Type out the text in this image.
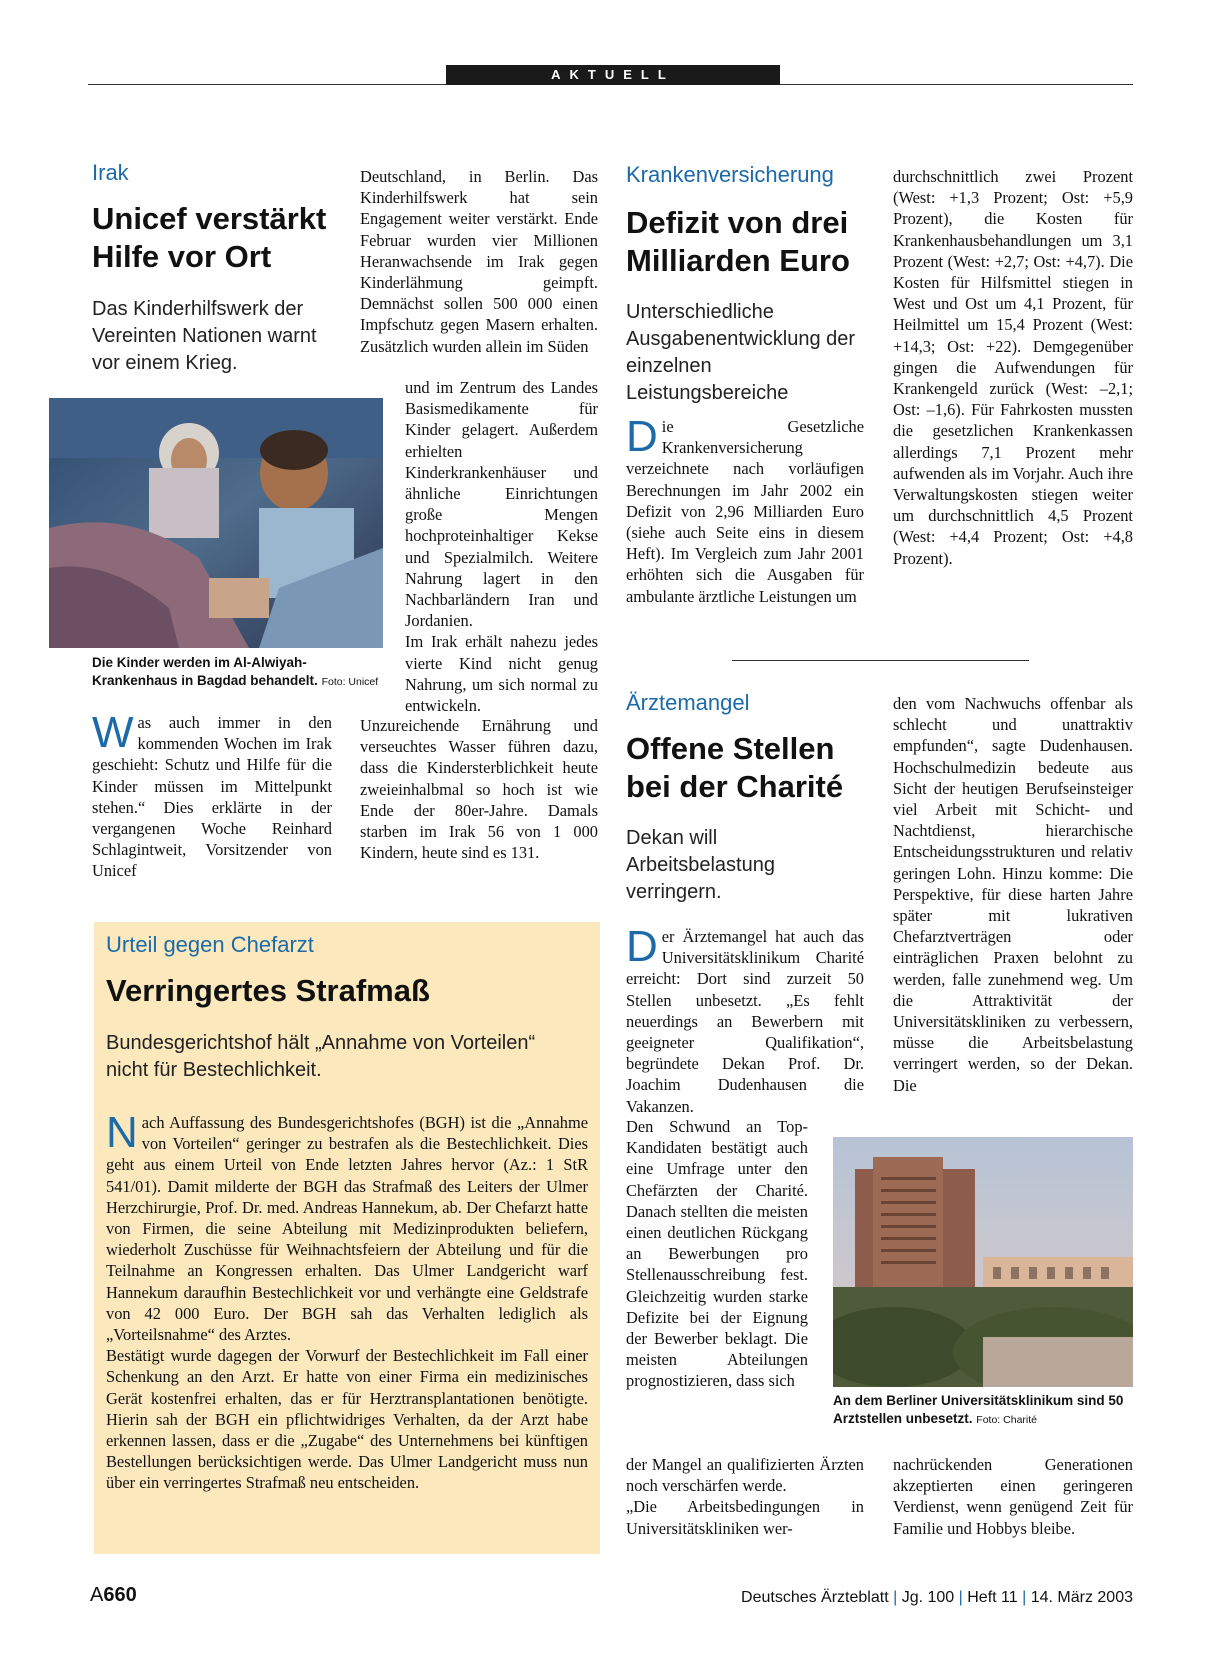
AKTUELL
Irak
Unicef verstärkt
Hilfe vor Ort
Das Kinderhilfswerk der Vereinten Nationen warnt vor einem Krieg.
Die Kinder werden im Al-Alwiyah-Krankenhaus in Bagdad behandelt. Foto: Unicef
Was auch immer in den kommenden Wochen im Irak geschieht: Schutz und Hilfe für die Kinder müssen im Mittelpunkt stehen.“ Dies erklärte in der vergangenen Woche Reinhard Schlagintweit, Vorsitzender von Unicef
Deutschland, in Berlin. Das Kinderhilfswerk hat sein Engagement weiter verstärkt. Ende Februar wurden vier Millionen Heranwachsende im Irak gegen Kinderlähmung geimpft. Demnächst sollen 500 000 einen Impfschutz gegen Masern erhalten. Zusätzlich wurden allein im Süden
und im Zentrum des Landes Basismedikamente für Kinder gelagert. Außerdem erhielten Kinderkrankenhäuser und ähnliche Einrichtungen große Mengen hochproteinhaltiger Kekse und Spezialmilch. Weitere Nahrung lagert in den Nachbarländern Iran und Jordanien.
Im Irak erhält nahezu jedes vierte Kind nicht genug Nahrung, um sich normal zu entwickeln.
Unzureichende Ernährung und verseuchtes Wasser führen dazu, dass die Kindersterblichkeit heute zweieinhalbmal so hoch ist wie Ende der 80er-Jahre. Damals starben im Irak 56 von 1 000 Kindern, heute sind es 131.
Krankenversicherung
Defizit von drei
Milliarden Euro
Unterschiedliche Ausgabenentwicklung der einzelnen Leistungsbereiche
Die Gesetzliche Krankenversicherung verzeichnete nach vorläufigen Berechnungen im Jahr 2002 ein Defizit von 2,96 Milliarden Euro (siehe auch Seite eins in diesem Heft). Im Vergleich zum Jahr 2001 erhöhten sich die Ausgaben für ambulante ärztliche Leistungen um
durchschnittlich zwei Prozent (West: +1,3 Prozent; Ost: +5,9 Prozent), die Kosten für Krankenhausbehandlungen um 3,1 Prozent (West: +2,7; Ost: +4,7). Die Kosten für Hilfsmittel stiegen in West und Ost um 4,1 Prozent, für Heilmittel um 15,4 Prozent (West: +14,3; Ost: +22). Demgegenüber gingen die Aufwendungen für Krankengeld zurück (West: –2,1; Ost: –1,6). Für Fahrkosten mussten die gesetzlichen Krankenkassen allerdings 7,1 Prozent mehr aufwenden als im Vorjahr. Auch ihre Verwaltungskosten stiegen weiter um durchschnittlich 4,5 Prozent (West: +4,4 Prozent; Ost: +4,8 Prozent).
Ärztemangel
Offene Stellen
bei der Charité
Dekan will Arbeitsbelastung verringern.
Der Ärztemangel hat auch das Universitätsklinikum Charité erreicht: Dort sind zurzeit 50 Stellen unbesetzt. „Es fehlt neuerdings an Bewerbern mit geeigneter Qualifikation“, begründete Dekan Prof. Dr. Joachim Dudenhausen die Vakanzen.
Den Schwund an Top-Kandidaten bestätigt auch eine Umfrage unter den Chefärzten der Charité. Danach stellten die meisten einen deutlichen Rückgang an Bewerbungen pro Stellenausschreibung fest. Gleichzeitig wurden starke Defizite bei der Eignung der Bewerber beklagt. Die meisten Abteilungen prognostizieren, dass sich
der Mangel an qualifizierten Ärzten noch verschärfen werde.
„Die Arbeitsbedingungen in Universitätskliniken wer-
den vom Nachwuchs offenbar als schlecht und unattraktiv empfunden“, sagte Dudenhausen. Hochschulmedizin bedeute aus Sicht der heutigen Berufseinsteiger viel Arbeit mit Schicht- und Nachtdienst, hierarchische Entscheidungsstrukturen und relativ geringen Lohn. Hinzu komme: Die Perspektive, für diese harten Jahre später mit lukrativen Chefarztverträgen oder einträglichen Praxen belohnt zu werden, falle zunehmend weg. Um die Attraktivität der Universitätskliniken zu verbessern, müsse die Arbeitsbelastung verringert werden, so der Dekan. Die
nachrückenden Generationen akzeptierten einen geringeren Verdienst, wenn genügend Zeit für Familie und Hobbys bleibe.
An dem Berliner Universitätsklinikum sind 50 Arztstellen unbesetzt. Foto: Charité
Urteil gegen Chefarzt
Verringertes Strafmaß
Bundesgerichtshof hält „Annahme von Vorteilen“
nicht für Bestechlichkeit.
Nach Auffassung des Bundesgerichtshofes (BGH) ist die „Annahme von Vorteilen“ geringer zu bestrafen als die Bestechlichkeit. Dies geht aus einem Urteil von Ende letzten Jahres hervor (Az.: 1 StR 541/01). Damit milderte der BGH das Strafmaß des Leiters der Ulmer Herzchirurgie, Prof. Dr. med. Andreas Hannekum, ab. Der Chefarzt hatte von Firmen, die seine Abteilung mit Medizinprodukten beliefern, wiederholt Zuschüsse für Weihnachtsfeiern der Abteilung und für die Teilnahme an Kongressen erhalten. Das Ulmer Landgericht warf Hannekum daraufhin Bestechlichkeit vor und verhängte eine Geldstrafe von 42 000 Euro. Der BGH sah das Verhalten lediglich als „Vorteilsnahme“ des Arztes.
Bestätigt wurde dagegen der Vorwurf der Bestechlichkeit im Fall einer Schenkung an den Arzt. Er hatte von einer Firma ein medizinisches Gerät kostenfrei erhalten, das er für Herztransplantationen benötigte. Hierin sah der BGH ein pflichtwidriges Verhalten, da der Arzt habe erkennen lassen, dass er die „Zugabe“ des Unternehmens bei künftigen Bestellungen berücksichtigen werde. Das Ulmer Landgericht muss nun über ein verringertes Strafmaß neu entscheiden.
A660	Deutsches Ärzteblatt | Jg. 100 | Heft 11 | 14. März 2003
